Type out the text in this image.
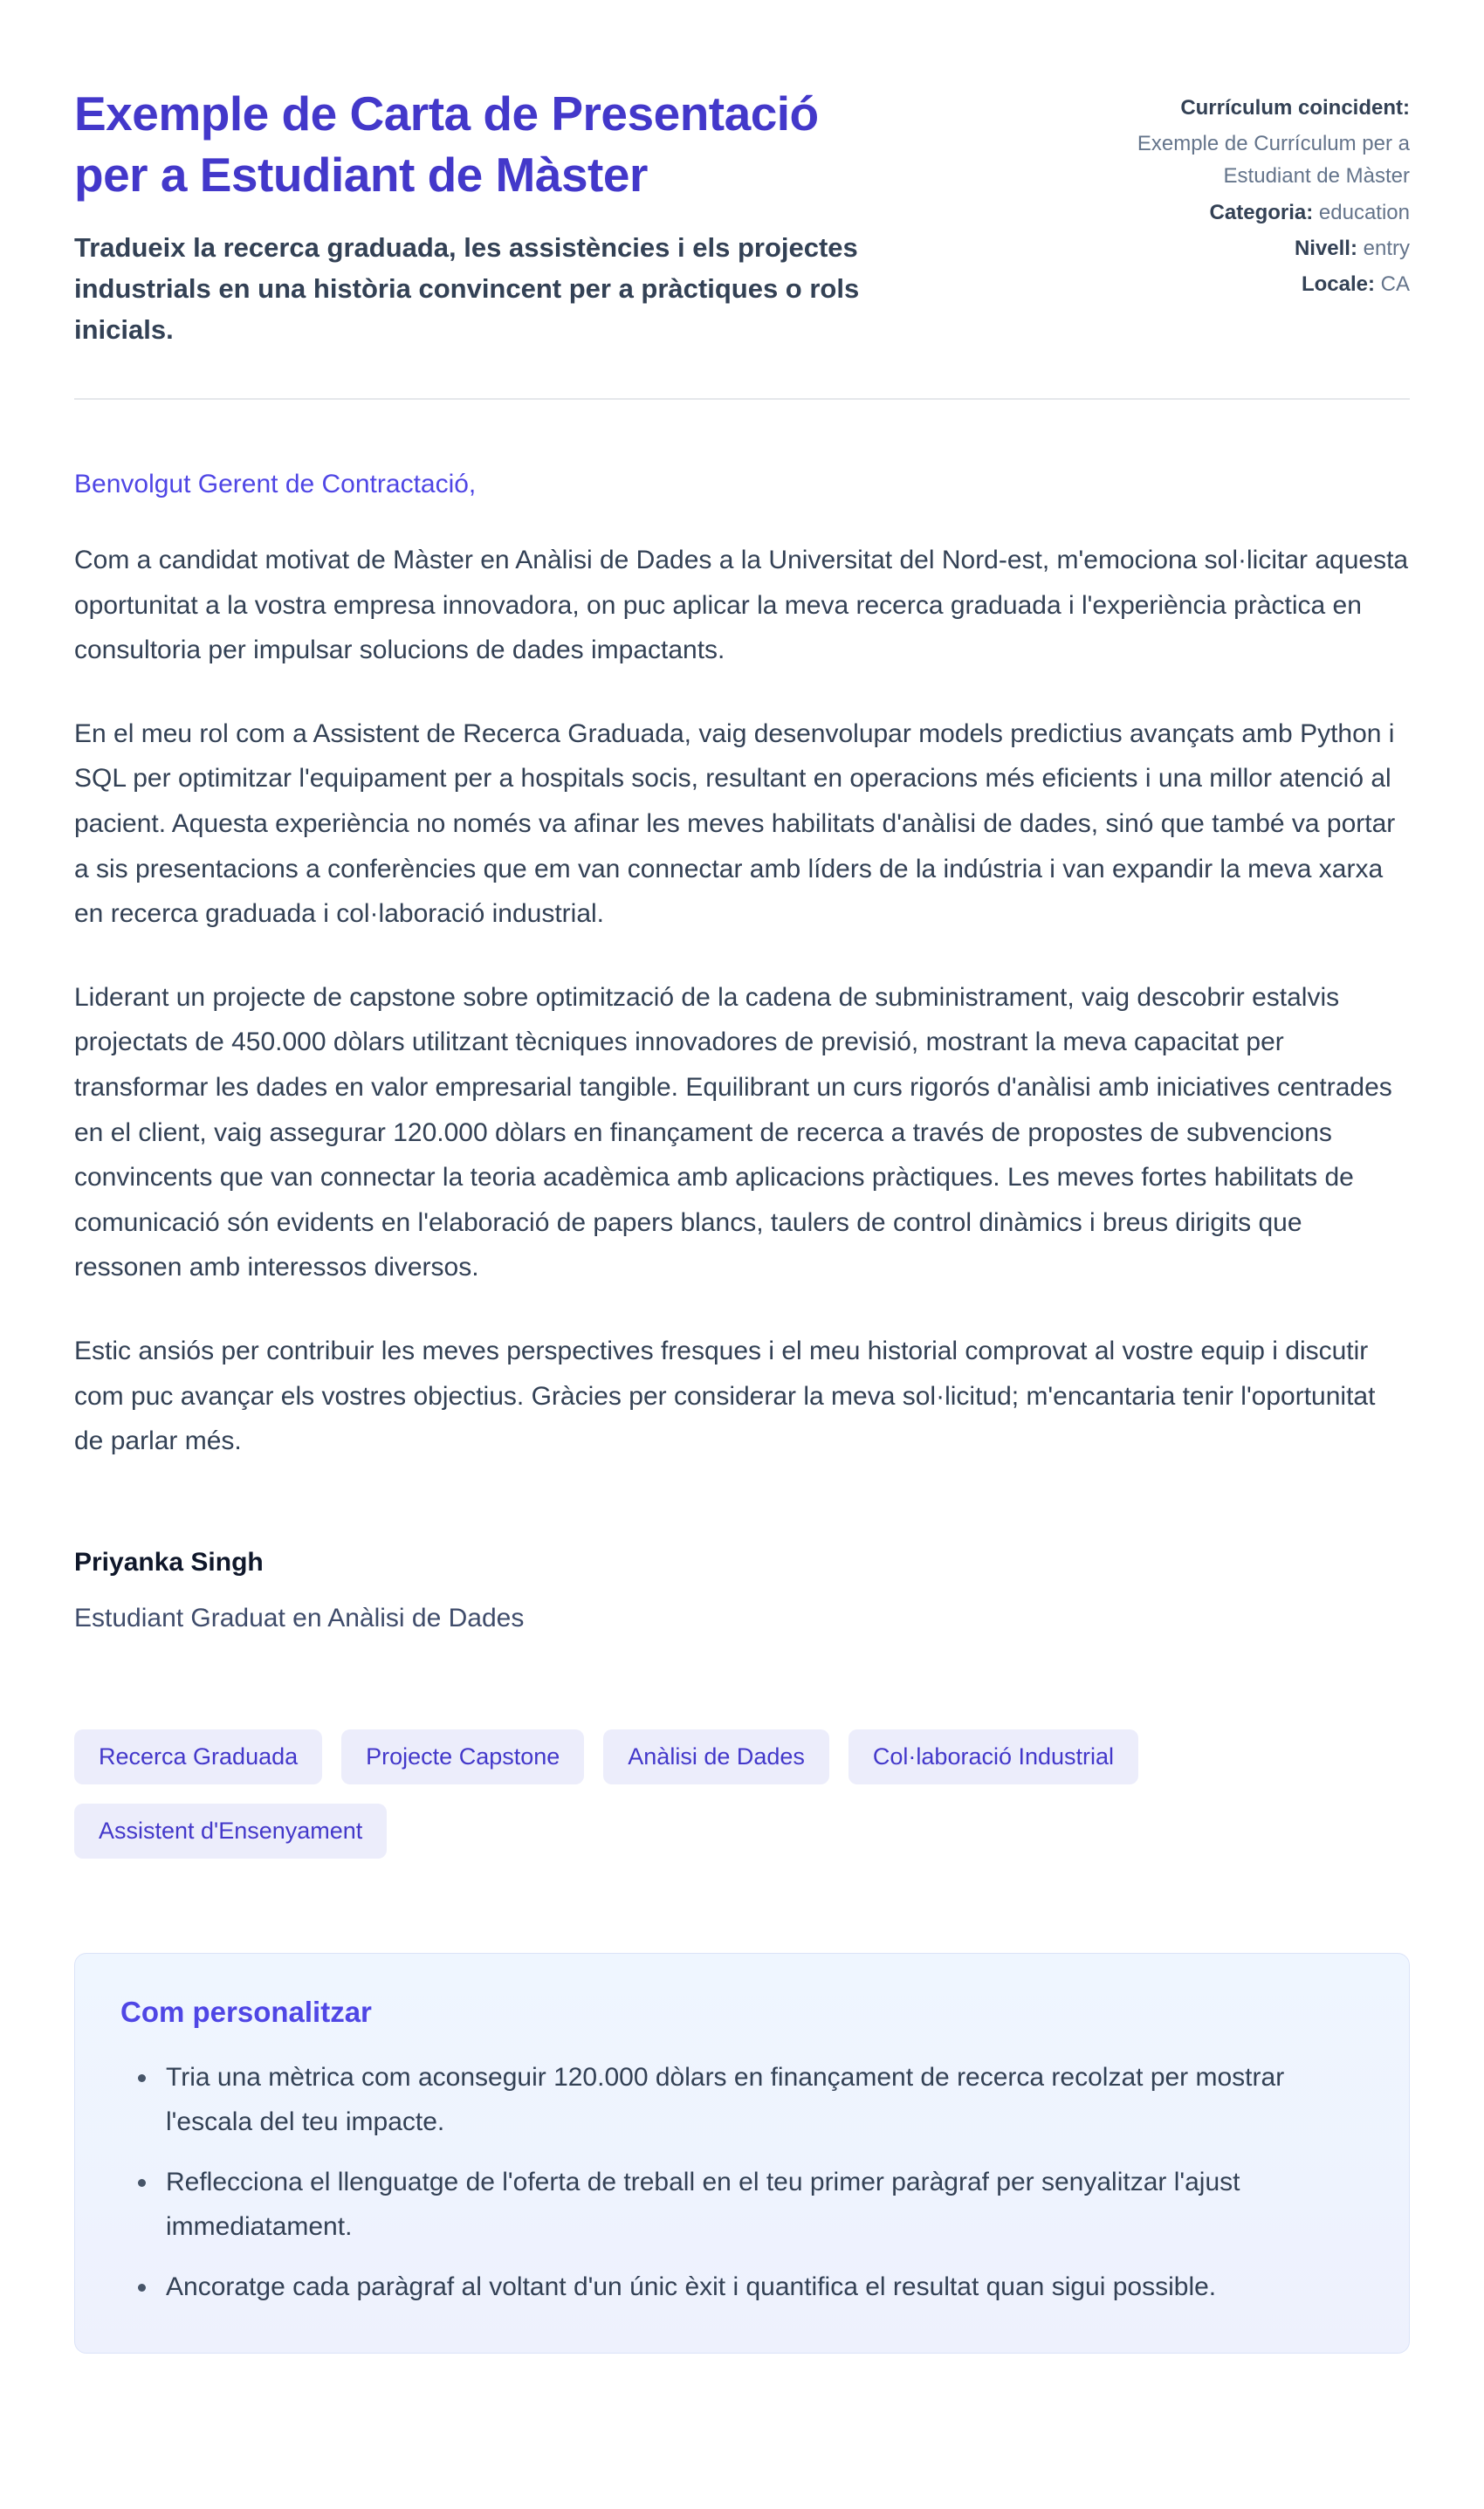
Exemple de Carta de Presentació per a Estudiant de Màster

Tradueix la recerca graduada, les assistències i els projectes industrials en una història convincent per a pràctiques o rols inicials.

Currículum coincident:
Exemple de Currículum per a Estudiant de Màster
Categoria: education
Nivell: entry
Locale: CA

Benvolgut Gerent de Contractació,

Com a candidat motivat de Màster en Anàlisi de Dades a la Universitat del Nord-est, m'emociona sol·licitar aquesta oportunitat a la vostra empresa innovadora, on puc aplicar la meva recerca graduada i l'experiència pràctica en consultoria per impulsar solucions de dades impactants.

En el meu rol com a Assistent de Recerca Graduada, vaig desenvolupar models predictius avançats amb Python i SQL per optimitzar l'equipament per a hospitals socis, resultant en operacions més eficients i una millor atenció al pacient. Aquesta experiència no només va afinar les meves habilitats d'anàlisi de dades, sinó que també va portar a sis presentacions a conferències que em van connectar amb líders de la indústria i van expandir la meva xarxa en recerca graduada i col·laboració industrial.

Liderant un projecte de capstone sobre optimització de la cadena de subministrament, vaig descobrir estalvis projectats de 450.000 dòlars utilitzant tècniques innovadores de previsió, mostrant la meva capacitat per transformar les dades en valor empresarial tangible. Equilibrant un curs rigorós d'anàlisi amb iniciatives centrades en el client, vaig assegurar 120.000 dòlars en finançament de recerca a través de propostes de subvencions convincents que van connectar la teoria acadèmica amb aplicacions pràctiques. Les meves fortes habilitats de comunicació són evidents en l'elaboració de papers blancs, taulers de control dinàmics i breus dirigits que ressonen amb interessos diversos.

Estic ansiós per contribuir les meves perspectives fresques i el meu historial comprovat al vostre equip i discutir com puc avançar els vostres objectius. Gràcies per considerar la meva sol·licitud; m'encantaria tenir l'oportunitat de parlar més.

Priyanka Singh

Estudiant Graduat en Anàlisi de Dades

Recerca Graduada	Projecte Capstone	Anàlisi de Dades	Col·laboració Industrial
Assistent d'Ensenyament
Com personalitzar
• Tria una mètrica com aconseguir 120.000 dòlars en finançament de recerca recolzat per mostrar l'escala del teu impacte.
• Reflecciona el llenguatge de l'oferta de treball en el teu primer paràgraf per senyalitzar l'ajust immediatament.
• Ancoratge cada paràgraf al voltant d'un únic èxit i quantifica el resultat quan sigui possible.
